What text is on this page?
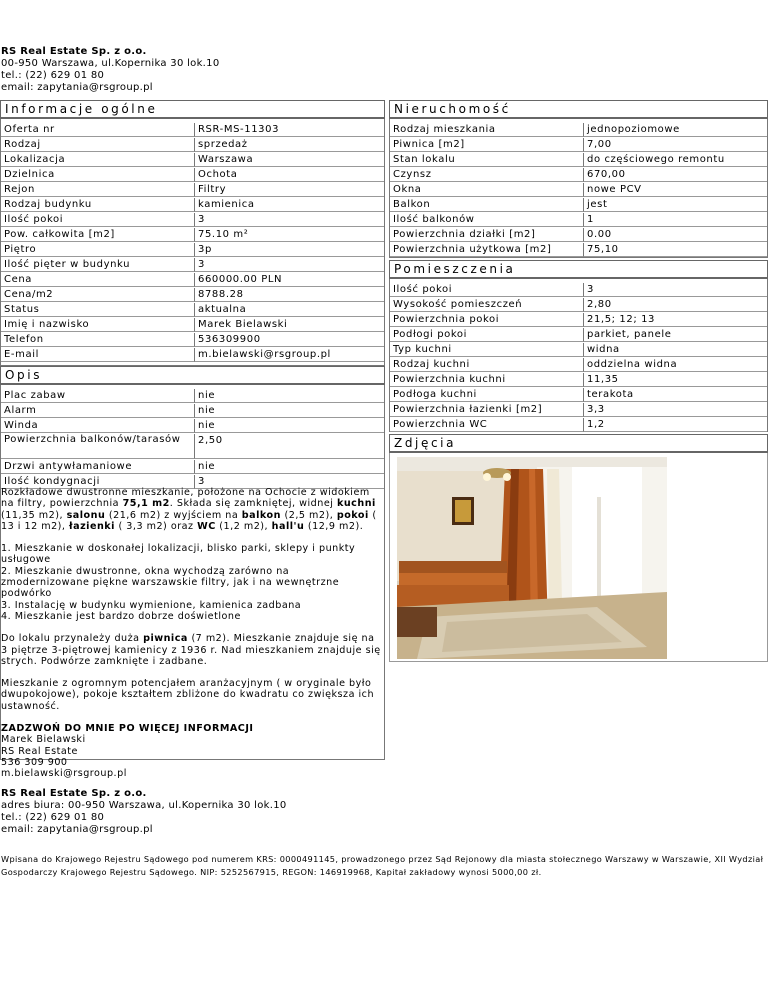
RS Real Estate Sp. z o.o.
00-950 Warszawa, ul.Kopernika 30 lok.10
tel.: (22) 629 01 80
email: zapytania@rsgroup.pl
Informacje ogólne
Oferta nr	RSR-MS-11303
Rodzaj	sprzedaż
Lokalizacja	Warszawa
Dzielnica	Ochota
Rejon	Filtry
Rodzaj budynku	kamienica
Ilość pokoi	3
Pow. całkowita [m2]	75.10 m²
Piętro	3p
Ilość pięter w budynku	3
Cena	660000.00 PLN
Cena/m2	8788.28
Status	aktualna
Imię i nazwisko	Marek Bielawski
Telefon	536309900
E-mail	m.bielawski@rsgroup.pl
Opis
Plac zabaw	nie
Alarm	nie
Winda	nie
Powierzchnia balkonów/tarasów	2,50
Drzwi antywłamaniowe	nie
Ilość kondygnacji	3

Rozkładowe dwustronne mieszkanie, położone na Ochocie z widokiem na filtry, powierzchnia 75,1 m2. Składa się zamkniętej, widnej kuchni (11,35 m2), salonu (21,6 m2) z wyjściem na balkon (2,5 m2), pokoi ( 13 i 12 m2), łazienki ( 3,3 m2) oraz WC (1,2 m2), hall'u (12,9 m2).

1. Mieszkanie w doskonałej lokalizacji, blisko parki, sklepy i punkty usługowe
2. Mieszkanie dwustronne, okna wychodzą zarówno na zmodernizowane piękne warszawskie filtry, jak i na wewnętrzne podwórko
3. Instalację w budynku wymienione, kamienica zadbana
4. Mieszkanie jest bardzo dobrze doświetlone

Do lokalu przynależy duża piwnica (7 m2). Mieszkanie znajduje się na 3 piętrze 3-piętrowej kamienicy z 1936 r. Nad mieszkaniem znajduje się strych. Podwórze zamknięte i zadbane.

Mieszkanie z ogromnym potencjałem aranżacyjnym ( w oryginale było dwupokojowe), pokoje kształtem zbliżone do kwadratu co zwiększa ich ustawność.

ZADZWOŃ DO MNIE PO WIĘCEJ INFORMACJI
Marek Bielawski
RS Real Estate
536 309 900
m.bielawski@rsgroup.pl

Nieruchomość
Rodzaj mieszkania	jednopoziomowe
Piwnica [m2]	7,00
Stan lokalu	do częściowego remontu
Czynsz	670,00
Okna	nowe PCV
Balkon	jest
Ilość balkonów	1
Powierzchnia działki [m2]	0.00
Powierzchnia użytkowa [m2]	75,10
Pomieszczenia
Ilość pokoi	3
Wysokość pomieszczeń	2,80
Powierzchnia pokoi	21,5; 12; 13
Podłogi pokoi	parkiet, panele
Typ kuchni	widna
Rodzaj kuchni	oddzielna widna
Powierzchnia kuchni	11,35
Podłoga kuchni	terakota
Powierzchnia łazienki [m2]	3,3
Powierzchnia WC	1,2
Zdjęcia
RS Real Estate Sp. z o.o.
adres biura: 00-950 Warszawa, ul.Kopernika 30 lok.10
tel.: (22) 629 01 80
email: zapytania@rsgroup.pl
Wpisana do Krajowego Rejestru Sądowego pod numerem KRS: 0000491145, prowadzonego przez Sąd Rejonowy dla miasta stołecznego Warszawy w Warszawie, XII Wydział Gospodarczy Krajowego Rejestru Sądowego. NIP: 5252567915, REGON: 146919968, Kapitał zakładowy wynosi 5000,00 zł.
